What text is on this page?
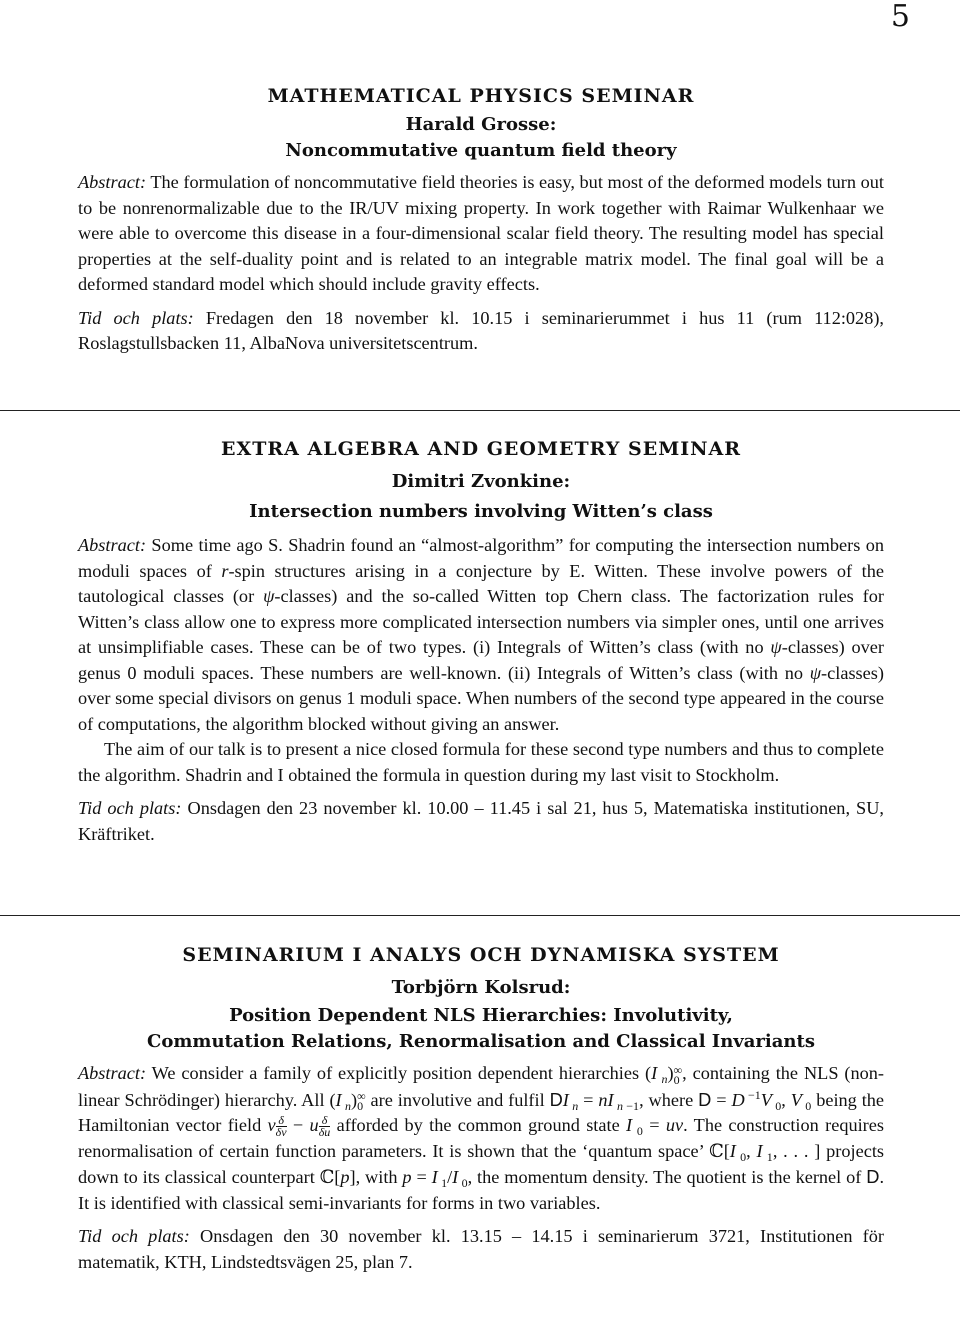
5

MATHEMATICAL PHYSICS SEMINAR

Harald Grosse:

Noncommutative quantum field theory

Abstract: The formulation of noncommutative field theories is easy, but most of the deformed models turn out to be nonrenormalizable due to the IR/UV mixing property. In work together with Raimar Wulkenhaar we were able to overcome this disease in a four-dimensional scalar field theory. The resulting model has special properties at the self-duality point and is related to an integrable matrix model. The final goal will be a deformed standard model which should include gravity effects.

Tid och plats: Fredagen den 18 november kl. 10.15 i seminarierummet i hus 11 (rum 112:028), Roslagstullsbacken 11, AlbaNova universitetscentrum.

EXTRA ALGEBRA AND GEOMETRY SEMINAR

Dimitri Zvonkine:

Intersection numbers involving Witten’s class

Abstract: Some time ago S. Shadrin found an “almost-algorithm” for computing the intersection numbers on moduli spaces of r-spin structures arising in a conjecture by E. Witten. These involve powers of the tautological classes (or ψ-classes) and the so-called Witten top Chern class. The factorization rules for Witten’s class allow one to express more complicated intersection numbers via simpler ones, until one arrives at unsimplifiable cases. These can be of two types. (i) Integrals of Witten’s class (with no ψ-classes) over genus 0 moduli spaces. These numbers are well-known. (ii) Integrals of Witten’s class (with no ψ-classes) over some special divisors on genus 1 moduli space. When numbers of the second type appeared in the course of computations, the algorithm blocked without giving an answer.

The aim of our talk is to present a nice closed formula for these second type numbers and thus to complete the algorithm. Shadrin and I obtained the formula in question during my last visit to Stockholm.

Tid och plats: Onsdagen den 23 november kl. 10.00 – 11.45 i sal 21, hus 5, Matematiska institutionen, SU, Kräftriket.

SEMINARIUM I ANALYS OCH DYNAMISKA SYSTEM

Torbjörn Kolsrud:

Position Dependent NLS Hierarchies: Involutivity,

Commutation Relations, Renormalisation and Classical Invariants

Abstract: We consider a family of explicitly position dependent hierarchies (I $_n$) ∞
0 , containing the NLS (non-linear Schrödinger) hierarchy. All (I $_n$) ∞
0 are involutive and fulfil DI $_n$ = nI $_{n -1}$, where D = D $^{-1}$V $_0$, V $_0$ being the Hamiltonian vector field v $\frac{\delta}{\delta v} - u \frac{\delta}{\delta u}$ afforded by the common ground state I $_0$ = uv. The construction requires renormalisation of certain function parameters. It is shown that the ‘quantum space’ ℂ[I $_0$, I $_1$, . . . ] projects down to its classical counterpart ℂ[p], with p = I $_1$/I $_0$, the momentum density. The quotient is the kernel of D. It is identified with classical semi-invariants for forms in two variables.

Tid och plats: Onsdagen den 30 november kl. 13.15 – 14.15 i seminarierum 3721, Institutionen för matematik, KTH, Lindstedtsvägen 25, plan 7.
